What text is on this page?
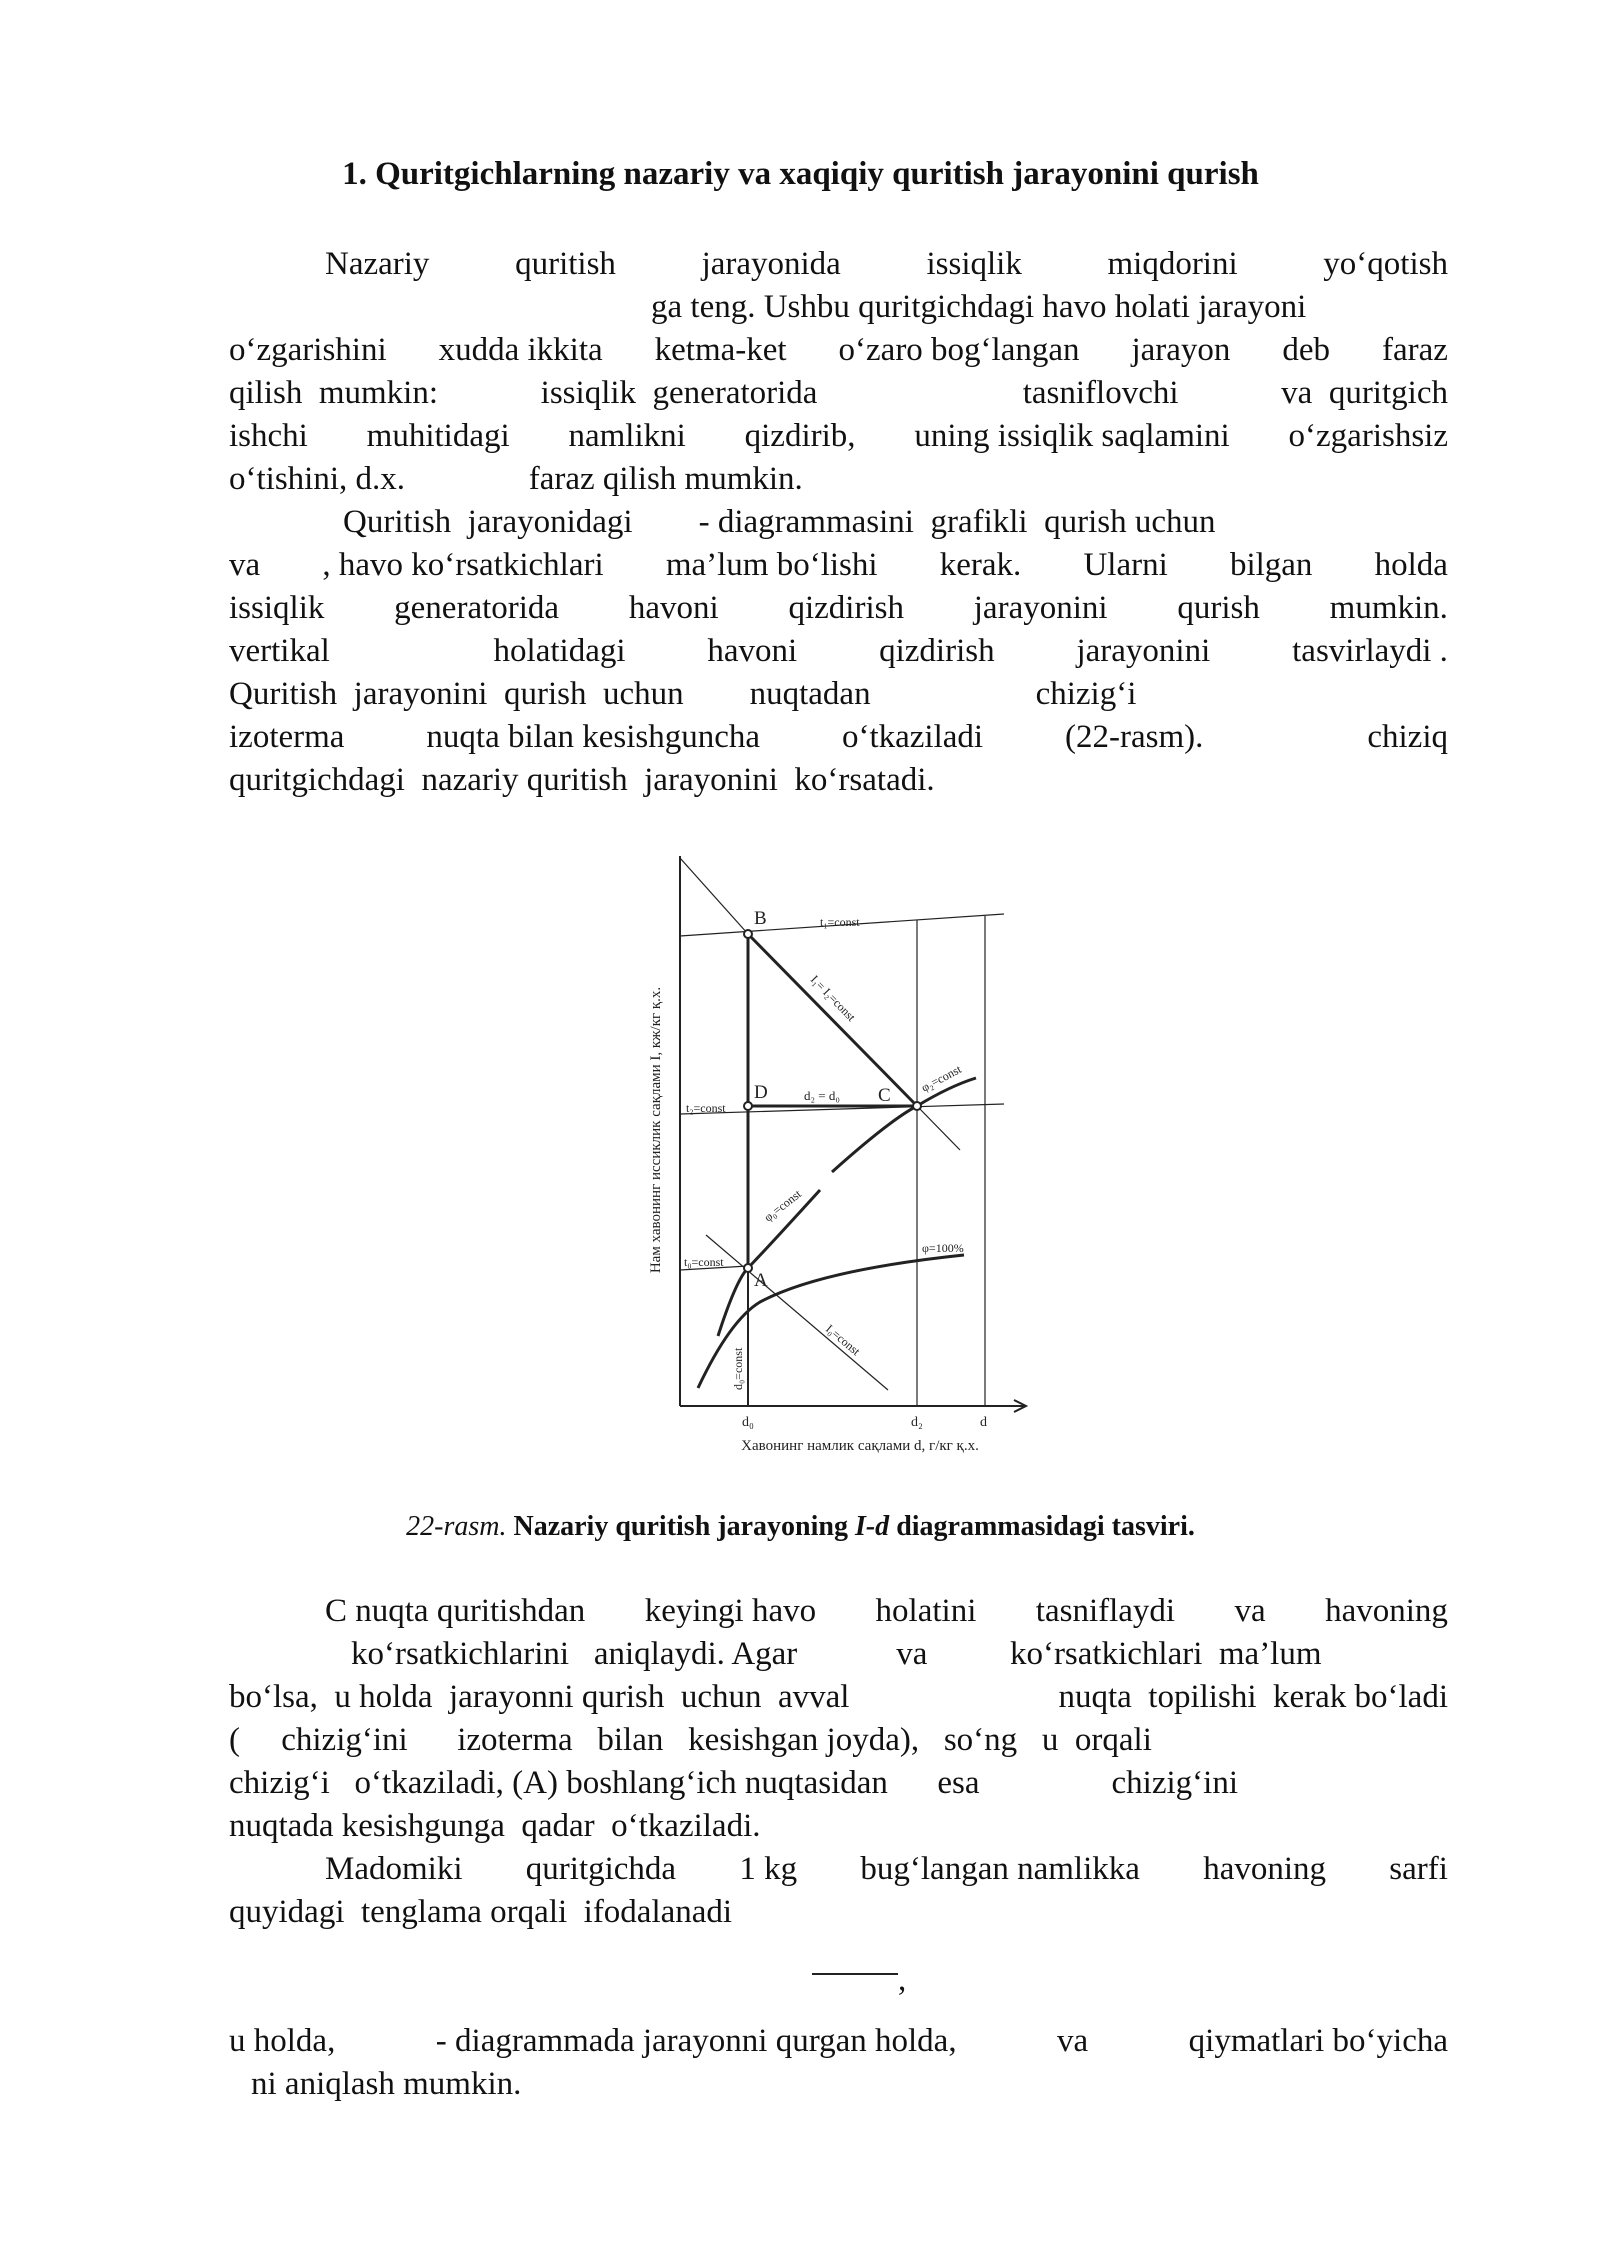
1. Quritgichlarning nazariy va xaqiqiy quritish jarayonini qurish
Nazariy	quritish	jarayonida	issiqlik	miqdorini	yo‘qotish
ga teng. Ushbu quritgichdagi havo holati jarayoni
o‘zgarishini xudda ikkita ketma-ket o‘zaro bog‘langan jarayon deb faraz
qilish  mumkin:	issiqlik  generatorida	tasniflovchi	va  quritgich
ishchi muhitidagi namlikni qizdirib, uning issiqlik saqlamini o‘zgarishsiz
o‘tishini, d.x.               faraz qilish mumkin.
Quritish  jarayonidagi        - diagrammasini  grafikli  qurish uchun
va , havo ko‘rsatkichlari ma’lum bo‘lishi kerak. Ularni bilgan holda
issiqlik generatorida havoni qizdirish jarayonini qurish mumkin.
vertikal	holatidagi havoni qizdirish jarayonini tasvirlaydi .
Quritish  jarayonini  qurish  uchun        nuqtadan                    chizig‘i
izoterma nuqta bilan kesishguncha o‘tkaziladi (22-rasm).	chiziq
quritgichdagi  nazariy quritish  jarayonini  ko‘rsatadi.
B
D	C
A
t₁=const
t₂=const
t₀=const
d₂ = d₀
I₁= I₂=const
I₀=const
φ₂=const
φ₀=const
φ=100%
d₀=const
d₀	d₂	d
Хавонинг намлик сақлами d, г/кг қ.х.
Нам хавонинг иссиклик сақлами I, кж/кг қ.х.

22-rasm. Nazariy quritish jarayoning I-d diagrammasidagi tasviri.

C nuqta quritishdan keyingi havo holatini tasniflaydi va havoning
ko‘rsatkichlarini   aniqlaydi. Agar            va          ko‘rsatkichlari  ma’lum
bo‘lsa,  u holda  jarayonni qurish  uchun  avval	nuqta  topilishi  kerak bo‘ladi
(     chizig‘ini      izoterma   bilan   kesishgan joyda),   so‘ng   u  orqali
chizig‘i   o‘tkaziladi, (A) boshlang‘ich nuqtasidan      esa                chizig‘ini
nuqtada kesishgunga  qadar  o‘tkaziladi.
Madomiki quritgichda 1 kg bug‘langan namlikka havoning sarfi
quyidagi  tenglama orqali  ifodalanadi
,
u holda,	- diagrammada jarayonni qurgan holda,	va	qiymatlari bo‘yicha
ni aniqlash mumkin.
